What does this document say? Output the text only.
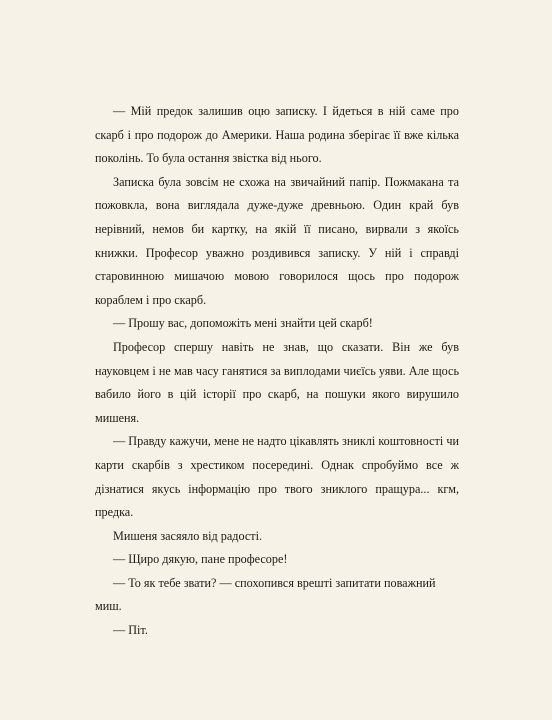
— Мій предок залишив оцю записку. І йдеться в ній саме про скарб і про подорож до Америки. Наша родина зберігає її вже кілька поколінь. То була остання звістка від нього.

Записка була зовсім не схожа на звичайний папір. Пожмакана та пожовкла, вона виглядала дуже-дуже древньою. Один край був нерівний, немов би картку, на якій її писано, вирвали з якоїсь книжки. Професор уважно роздивився записку. У ній і справді старовинною мишачою мовою говорилося щось про подорож кораблем і про скарб.

— Прошу вас, допоможіть мені знайти цей скарб!

Професор спершу навіть не знав, що сказати. Він же був науковцем і не мав часу ганятися за виплодами чиєїсь уяви. Але щось вабило його в цій історії про скарб, на пошуки якого вирушило мишеня.

— Правду кажучи, мене не надто цікавлять зниклі коштовності чи карти скарбів з хрестиком посередині. Однак спробуймо все ж дізнатися якусь інформацію про твого зниклого пращура... кгм, предка.

Мишеня засяяло від радості.

— Щиро дякую, пане професоре!

— То як тебе звати? — спохопився врешті запитати поважний миш.

— Піт.
